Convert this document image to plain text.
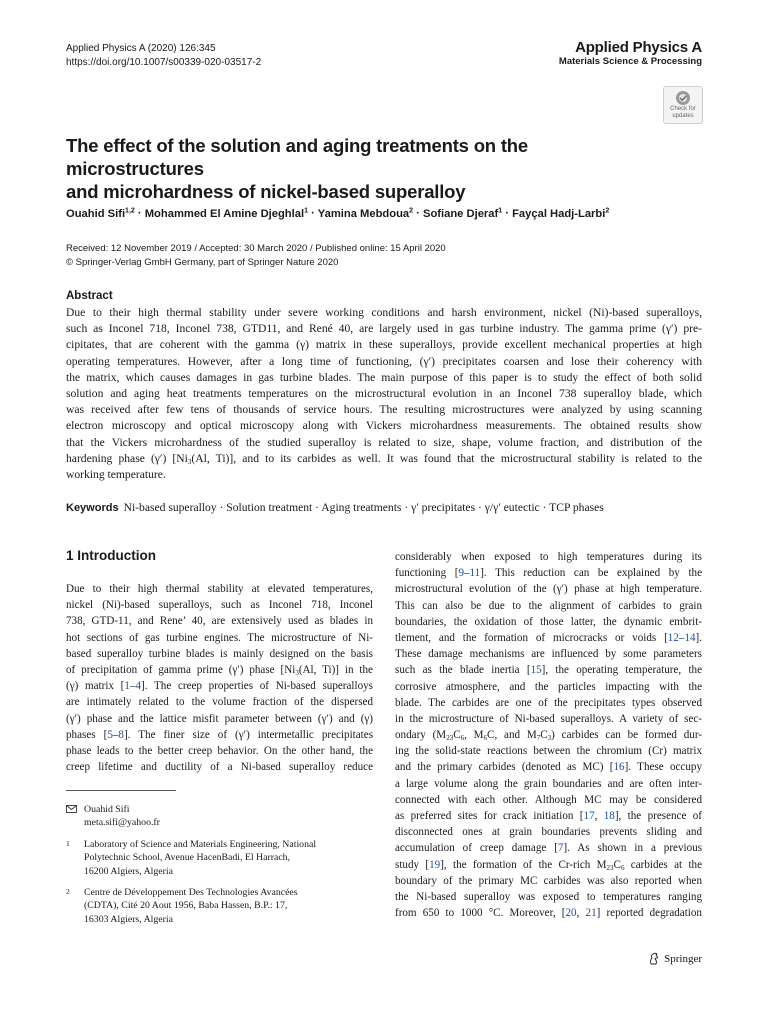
Applied Physics A (2020) 126:345
https://doi.org/10.1007/s00339-020-03517-2
Applied Physics A
Materials Science & Processing
Check for
updates
The effect of the solution and aging treatments on the microstructures
and microhardness of nickel-based superalloy
Ouahid Sifi$^{1,2}$ · Mohammed El Amine Djeghlal$^1$ · Yamina Mebdoua$^2$ · Sofiane Djeraf$^1$ · Fayçal Hadj-Larbi$^2$
Received: 12 November 2019 / Accepted: 30 March 2020 / Published online: 15 April 2020
© Springer-Verlag GmbH Germany, part of Springer Nature 2020
Abstract
Due to their high thermal stability under severe working conditions and harsh environment, nickel (Ni)-based superalloys,
such as Inconel 718, Inconel 738, GTD11, and René 40, are largely used in gas turbine industry. The gamma prime (γ′) pre-
cipitates, that are coherent with the gamma (γ) matrix in these superalloys, provide excellent mechanical properties at high
operating temperatures. However, after a long time of functioning, (γ′) precipitates coarsen and lose their coherency with
the matrix, which causes damages in gas turbine blades. The main purpose of this paper is to study the effect of both solid
solution and aging heat treatments temperatures on the microstructural evolution in an Inconel 738 superalloy blade, which
was received after few tens of thousands of service hours. The resulting microstructures were analyzed by using scanning
electron microscopy and optical microscopy along with Vickers microhardness measurements. The obtained results show
that the Vickers microhardness of the studied superalloy is related to size, shape, volume fraction, and distribution of the
hardening phase (γ′) [$Ni_3(Al$, Ti)], and to its carbides as well. It was found that the microstructural stability is related to the
working temperature.
Keywords Ni-based superalloy · Solution treatment · Aging treatments · γ′ precipitates · γ/γ′ eutectic · TCP phases
1 Introduction
Due to their high thermal stability at elevated temperatures,
nickel (Ni)-based superalloys, such as Inconel 718, Inconel
738, GTD-11, and Rene’ 40, are extensively used as blades in
hot sections of gas turbine engines. The microstructure of Ni-
based superalloy turbine blades is mainly designed on the basis
of precipitation of gamma prime (γ′) phase [$Ni_3(Al$, Ti)] in the
(γ) matrix [1–4]. The creep properties of Ni-based superalloys
are intimately related to the volume fraction of the dispersed
(γ′) phase and the lattice misfit parameter between (γ′) and (γ)
phases [5–8]. The finer size of (γ′) intermetallic precipitates
phase leads to the better creep behavior. On the other hand, the
creep lifetime and ductility of a Ni-based superalloy reduce
considerably when exposed to high temperatures during its
functioning [9–11]. This reduction can be explained by the
microstructural evolution of the (γ′) phase at high temperature.
This can also be due to the alignment of carbides to grain
boundaries, the oxidation of those latter, the dynamic embrit-
tlement, and the formation of microcracks or voids [12–14].
These damage mechanisms are influenced by some parameters
such as the blade inertia [15], the operating temperature, the
corrosive atmosphere, and the particles impacting with the
blade. The carbides are one of the precipitates types observed
in the microstructure of Ni-based superalloys. A variety of sec-
ondary ($M_{23}C_6$, $M_6C$, and $M_7C_3$) carbides can be formed dur-
ing the solid-state reactions between the chromium (Cr) matrix
and the primary carbides (denoted as MC) [16]. These occupy
a large volume along the grain boundaries and are often inter-
connected with each other. Although MC may be considered
as preferred sites for crack initiation [17, 18], the presence of
disconnected ones at grain boundaries prevents sliding and
accumulation of creep damage [7]. As shown in a previous
study [19], the formation of the Cr-rich $M_{23}C_6$ carbides at the
boundary of the primary MC carbides was also reported when
the Ni-based superalloy was exposed to temperatures ranging
from 650 to 1000 °C. Moreover, [20, 21] reported degradation
Ouahid Sifi
meta.sifi@yahoo.fr
1 Laboratory of Science and Materials Engineering, National
Polytechnic School, Avenue HacenBadi, El Harrach,
16200 Algiers, Algeria
2 Centre de Développement Des Technologies Avancées
(CDTA), Cité 20 Aout 1956, Baba Hassen, B.P.: 17,
16303 Algiers, Algeria
Springer
